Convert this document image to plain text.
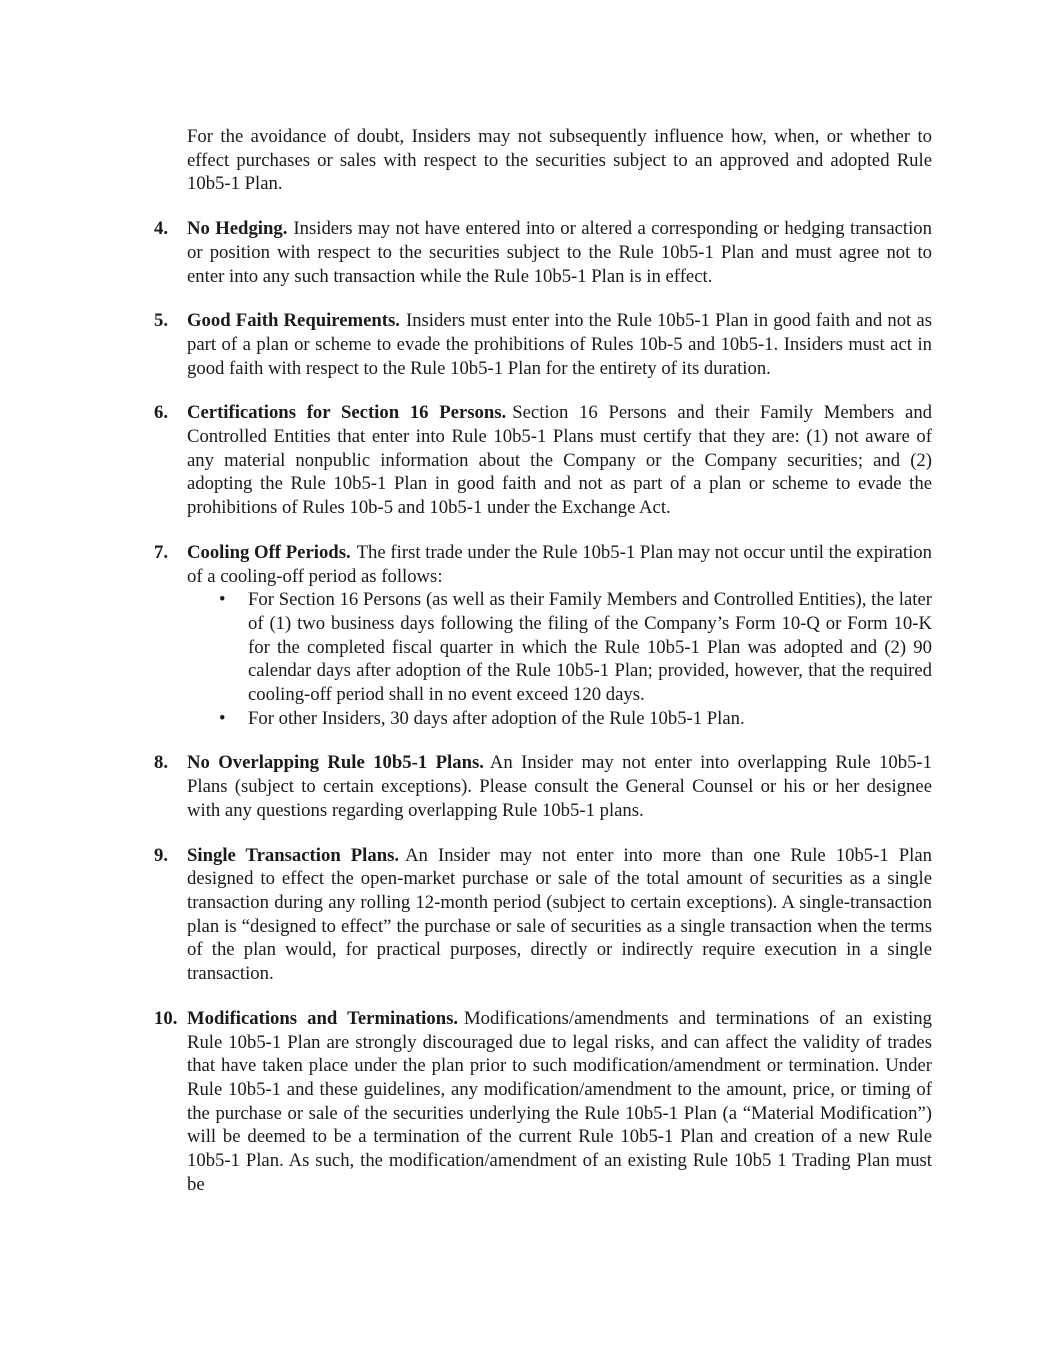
For the avoidance of doubt, Insiders may not subsequently influence how, when, or whether to effect purchases or sales with respect to the securities subject to an approved and adopted Rule 10b5-1 Plan.

4. No Hedging. Insiders may not have entered into or altered a corresponding or hedging transaction or position with respect to the securities subject to the Rule 10b5-1 Plan and must agree not to enter into any such transaction while the Rule 10b5-1 Plan is in effect.

5. Good Faith Requirements. Insiders must enter into the Rule 10b5-1 Plan in good faith and not as part of a plan or scheme to evade the prohibitions of Rules 10b-5 and 10b5-1. Insiders must act in good faith with respect to the Rule 10b5-1 Plan for the entirety of its duration.

6. Certifications for Section 16 Persons. Section 16 Persons and their Family Members and Controlled Entities that enter into Rule 10b5-1 Plans must certify that they are: (1) not aware of any material nonpublic information about the Company or the Company securities; and (2) adopting the Rule 10b5-1 Plan in good faith and not as part of a plan or scheme to evade the prohibitions of Rules 10b-5 and 10b5-1 under the Exchange Act.

7. Cooling Off Periods. The first trade under the Rule 10b5-1 Plan may not occur until the expiration of a cooling-off period as follows:

• For Section 16 Persons (as well as their Family Members and Controlled Entities), the later of (1) two business days following the filing of the Company’s Form 10-Q or Form 10-K for the completed fiscal quarter in which the Rule 10b5-1 Plan was adopted and (2) 90 calendar days after adoption of the Rule 10b5-1 Plan; provided, however, that the required cooling-off period shall in no event exceed 120 days.
• For other Insiders, 30 days after adoption of the Rule 10b5-1 Plan.
8. No Overlapping Rule 10b5-1 Plans. An Insider may not enter into overlapping Rule 10b5-1 Plans (subject to certain exceptions). Please consult the General Counsel or his or her designee with any questions regarding overlapping Rule 10b5-1 plans.

9. Single Transaction Plans. An Insider may not enter into more than one Rule 10b5-1 Plan designed to effect the open-market purchase or sale of the total amount of securities as a single transaction during any rolling 12-month period (subject to certain exceptions). A single-transaction plan is “designed to effect” the purchase or sale of securities as a single transaction when the terms of the plan would, for practical purposes, directly or indirectly require execution in a single transaction.

10. Modifications and Terminations. Modifications/amendments and terminations of an existing Rule 10b5-1 Plan are strongly discouraged due to legal risks, and can affect the validity of trades that have taken place under the plan prior to such modification/amendment or termination. Under Rule 10b5-1 and these guidelines, any modification/amendment to the amount, price, or timing of the purchase or sale of the securities underlying the Rule 10b5-1 Plan (a “Material Modification”) will be deemed to be a termination of the current Rule 10b5-1 Plan and creation of a new Rule 10b5-1 Plan. As such, the modification/amendment of an existing Rule 10b5 1 Trading Plan must be
